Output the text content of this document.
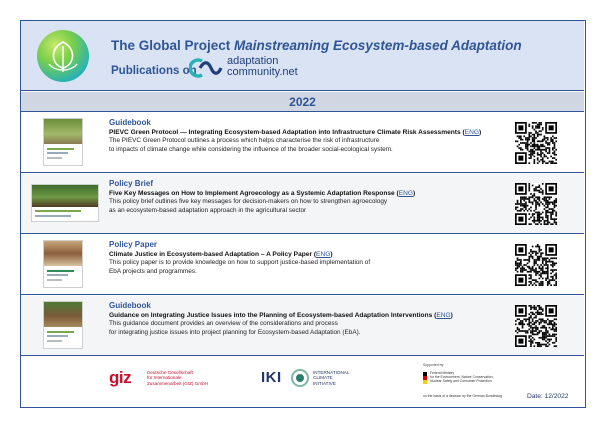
The Global Project Mainstreaming Ecosystem-based Adaptation
Publications on
adaptation
community.net
2022
Guidebook
PIEVC Green Protocol — Integrating Ecosystem-based Adaptation into Infrastructure Climate Risk Assessments (ENG)
The PIEVC Green Protocol outlines a process which helps characterise the risk of infrastructure
to impacts of climate change while considering the influence of the broader social-ecological system.
Policy Brief
Five Key Messages on How to Implement Agroecology as a Systemic Adaptation Response (ENG)
This policy brief outlines five key messages for decision-makers on how to strengthen agroecology
as an ecosystem-based adaptation approach in the agricultural sector
Policy Paper
Climate Justice in Ecosystem-based Adaptation – A Policy Paper (ENG)
This policy paper is to provide knowledge on how to support justice-based implementation of
EbA projects and programmes.
Guidebook
Guidance on Integrating Justice Issues into the Planning of Ecosystem-based Adaptation Interventions (ENG)
This guidance document provides an overview of the considerations and process
for integrating justice issues into project planning for Ecosystem-based Adaptation (EbA).
giz	Deutsche Gesellschaft
für Internationale
Zusammenarbeit (GIZ) GmbH	IKI	INTERNATIONAL
CLIMATE
INITIATIVE
Supported by:
Federal Ministry
for the Environment, Nature Conservation,
Nuclear Safety and Consumer Protection
on the basis of a decision by the German Bundestag	Date: 12/2022
